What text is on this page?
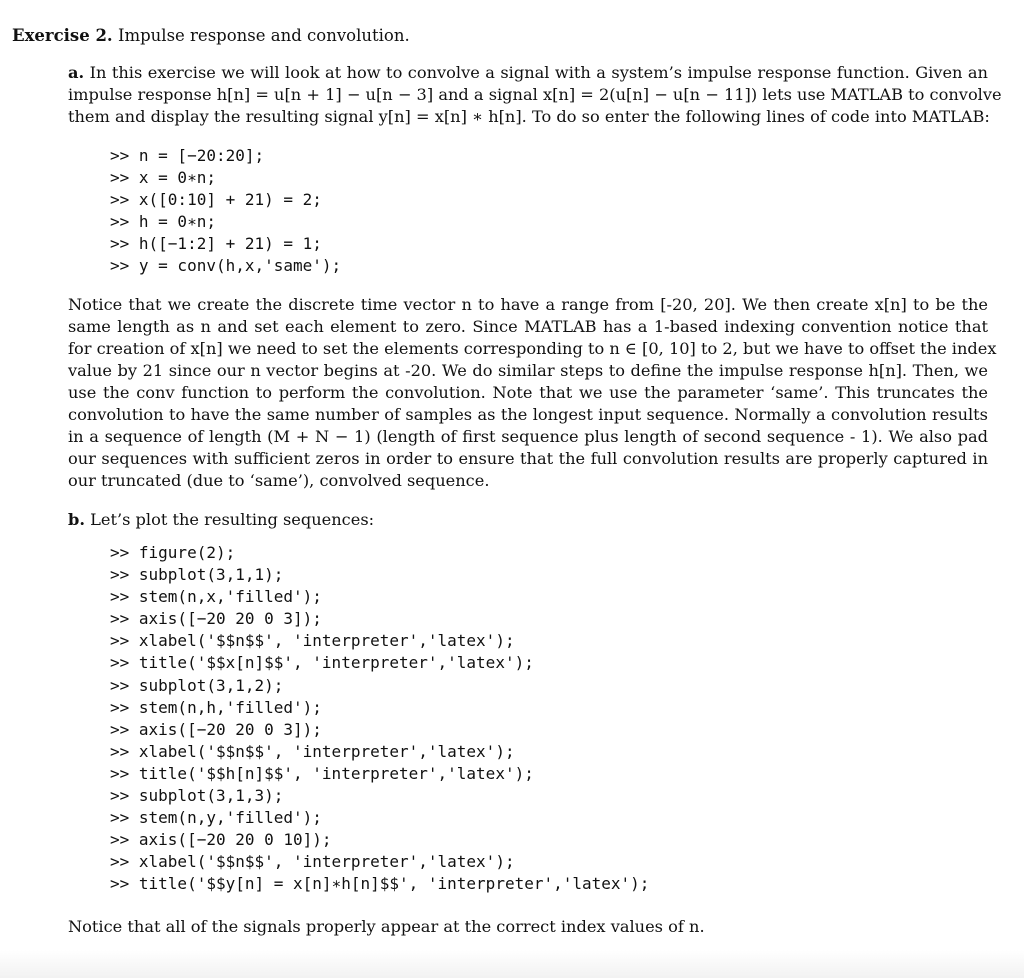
Exercise 2. Impulse response and convolution.
a. In this exercise we will look at how to convolve a signal with a system’s impulse response function. Given an
impulse response h[n] = u[n + 1] − u[n − 3] and a signal x[n] = 2(u[n] − u[n − 11]) lets use MATLAB to convolve
them and display the resulting signal y[n] = x[n] ∗ h[n]. To do so enter the following lines of code into MATLAB:
>> n = [−20:20];
>> x = 0∗n;
>> x([0:10] + 21) = 2;
>> h = 0∗n;
>> h([−1:2] + 21) = 1;
>> y = conv(h,x,'same');
Notice that we create the discrete time vector n to have a range from [-20, 20]. We then create x[n] to be the
same length as n and set each element to zero. Since MATLAB has a 1-based indexing convention notice that
for creation of x[n] we need to set the elements corresponding to n ∈ [0, 10] to 2, but we have to offset the index
value by 21 since our n vector begins at -20. We do similar steps to define the impulse response h[n]. Then, we
use the conv function to perform the convolution. Note that we use the parameter ‘same’. This truncates the
convolution to have the same number of samples as the longest input sequence. Normally a convolution results
in a sequence of length (M + N − 1) (length of first sequence plus length of second sequence - 1). We also pad
our sequences with sufficient zeros in order to ensure that the full convolution results are properly captured in
our truncated (due to ‘same’), convolved sequence.
b. Let’s plot the resulting sequences:
>> figure(2);
>> subplot(3,1,1);
>> stem(n,x,'filled');
>> axis([−20 20 0 3]);
>> xlabel('$$n$$', 'interpreter','latex');
>> title('$$x[n]$$', 'interpreter','latex');
>> subplot(3,1,2);
>> stem(n,h,'filled');
>> axis([−20 20 0 3]);
>> xlabel('$$n$$', 'interpreter','latex');
>> title('$$h[n]$$', 'interpreter','latex');
>> subplot(3,1,3);
>> stem(n,y,'filled');
>> axis([−20 20 0 10]);
>> xlabel('$$n$$', 'interpreter','latex');
>> title('$$y[n] = x[n]∗h[n]$$', 'interpreter','latex');
Notice that all of the signals properly appear at the correct index values of n.
